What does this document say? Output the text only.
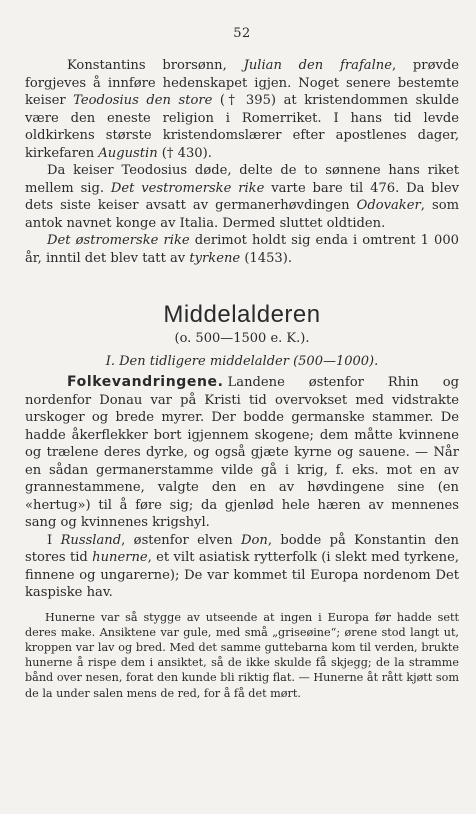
52

Konstantins brorsønn, Julian den frafalne, prøvde forgjeves å innføre hedenskapet igjen. Noget senere bestemte keiser Teodosius den store († 395) at kristendommen skulde være den eneste religion i Romerriket. I hans tid levde oldkirkens største kristendomslærer efter apostlenes dager, kirkefaren Augustin († 430).

Da keiser Teodosius døde, delte de to sønnene hans riket mellem sig. Det vestromerske rike varte bare til 476. Da blev dets siste keiser avsatt av germanerhøvdingen Odovaker, som antok navnet konge av Italia. Dermed sluttet oldtiden.

Det østromerske rike derimot holdt sig enda i omtrent 1 000 år, inntil det blev tatt av tyrkene (1453).

Middelalderen
(o. 500—1500 e. K.).
I. Den tidligere middelalder (500—1000).

Folkevandringene. Landene østenfor Rhin og nordenfor Donau var på Kristi tid overvokset med vidstrakte urskoger og brede myrer. Der bodde germanske stammer. De hadde åkerflekker bort igjennem skogene; dem måtte kvinnene og trælene deres dyrke, og også gjæte kyrne og sauene. — Når en sådan germanerstamme vilde gå i krig, f. eks. mot en av grannestammene, valgte den en av høvdingene sine (en «hertug») til å føre sig; da gjenlød hele hæren av mennenes sang og kvinnenes krigshyl.

I Russland, østenfor elven Don, bodde på Konstantin den stores tid hunerne, et vilt asiatisk rytterfolk (i slekt med tyrkene, finnene og ungarerne); De var kommet til Europa nordenom Det kaspiske hav.

Hunerne var så stygge av utseende at ingen i Europa før hadde sett deres make. Ansiktene var gule, med små „griseøine“; ørene stod langt ut, kroppen var lav og bred. Med det samme guttebarna kom til verden, brukte hunerne å rispe dem i ansiktet, så de ikke skulde få skjegg; de la stramme bånd over nesen, forat den kunde bli riktig flat. — Hunerne åt rått kjøtt som de la under salen mens de red, for å få det mørt.
